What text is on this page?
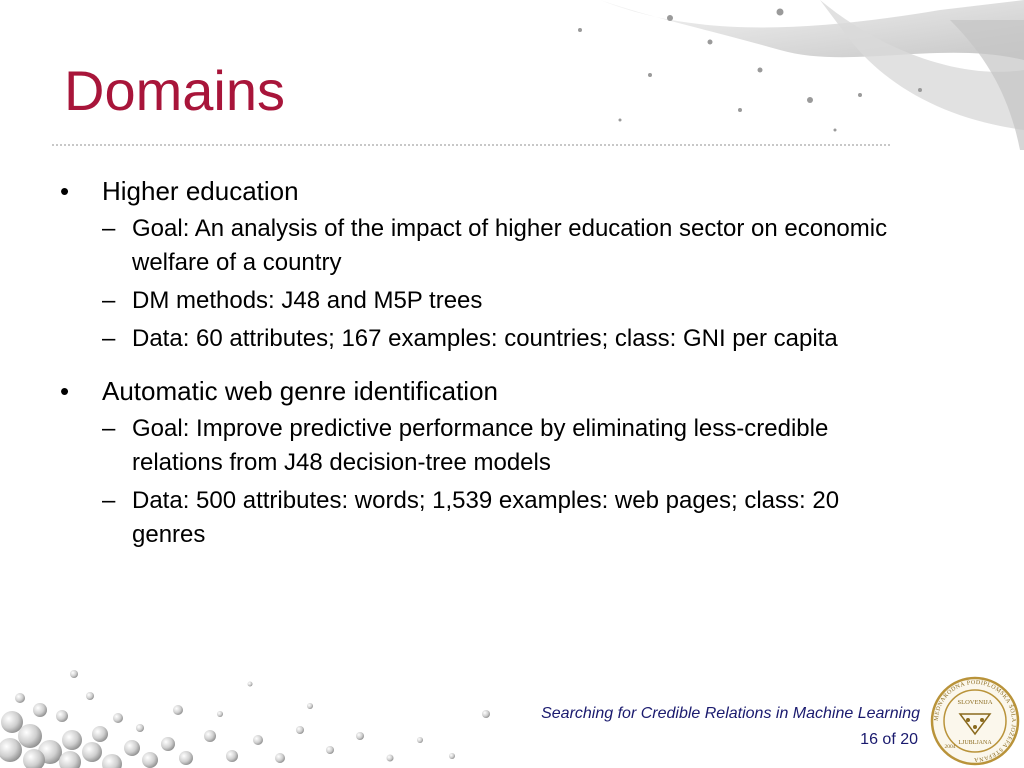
Domains
•	Higher education
– Goal: An analysis of the impact of higher education sector on economic welfare of a country
– DM methods: J48 and M5P trees
– Data: 60 attributes; 167 examples: countries; class: GNI per capita
•	Automatic web genre identification
– Goal: Improve predictive performance by eliminating less-credible relations from J48 decision-tree models
– Data: 500 attributes: words; 1,539 examples: web pages; class: 20 genres
Searching for Credible Relations in Machine Learning
16 of 20
MEDNARODNA PODIPLOMSKA ŠOLA JOŽEFA STEFANA
SLOVENIJA
LJUBLJANA
2004
